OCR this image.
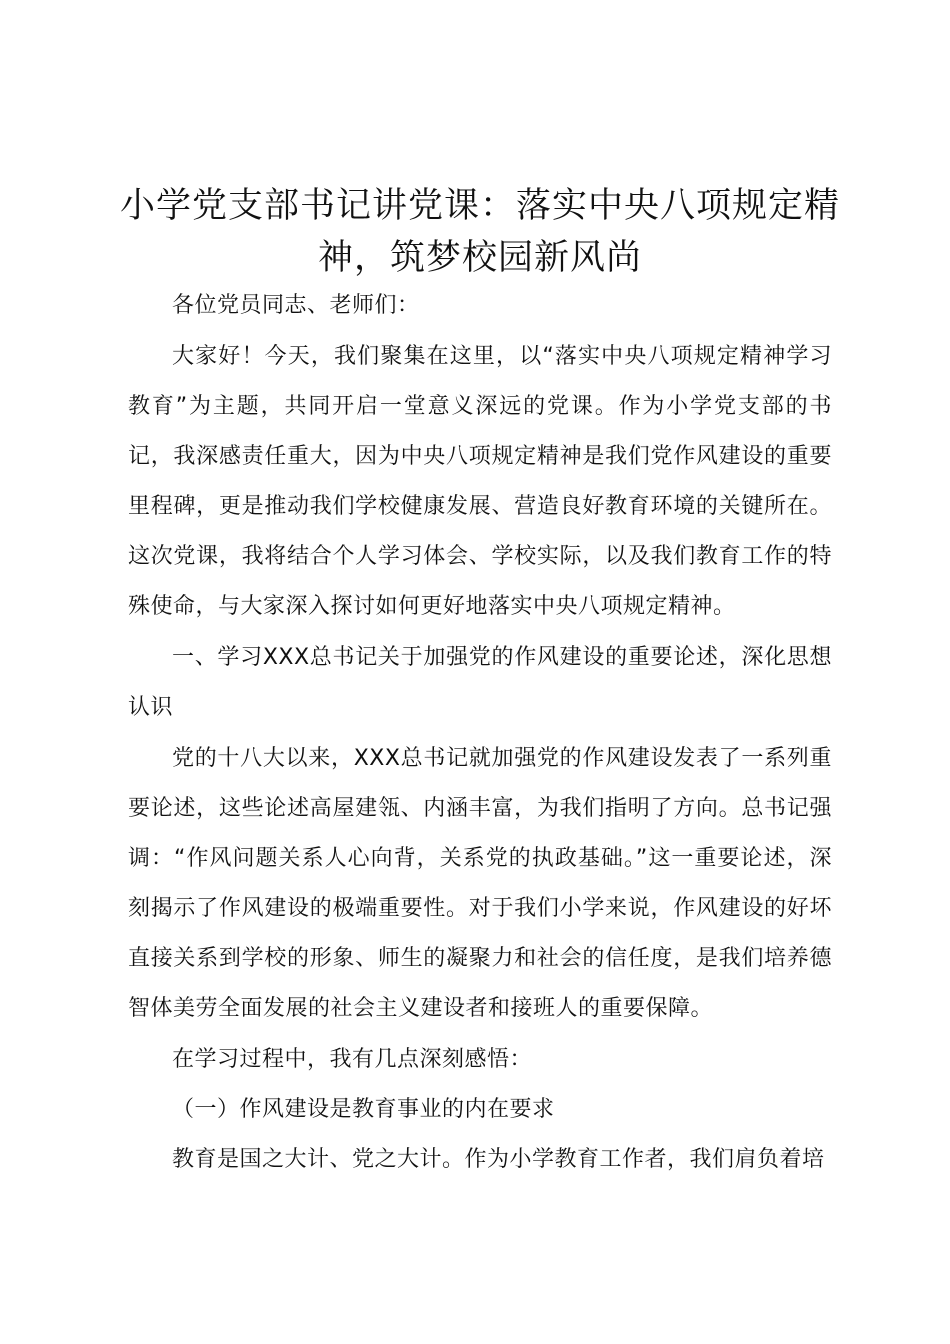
小学党支部书记讲党课：落实中央八项规定精
神，筑梦校园新风尚

各位党员同志、老师们：

大家好！今天，我们聚集在这里，以“落实中央八项规定精神学习教育”为主题，共同开启一堂意义深远的党课。作为小学党支部的书记，我深感责任重大，因为中央八项规定精神是我们党作风建设的重要里程碑，更是推动我们学校健康发展、营造良好教育环境的关键所在。这次党课，我将结合个人学习体会、学校实际，以及我们教育工作的特殊使命，与大家深入探讨如何更好地落实中央八项规定精神。

一、学习XXX总书记关于加强党的作风建设的重要论述，深化思想认识

党的十八大以来，XXX总书记就加强党的作风建设发表了一系列重要论述，这些论述高屋建瓴、内涵丰富，为我们指明了方向。总书记强调：“作风问题关系人心向背，关系党的执政基础。”这一重要论述，深刻揭示了作风建设的极端重要性。对于我们小学来说，作风建设的好坏直接关系到学校的形象、师生的凝聚力和社会的信任度，是我们培养德智体美劳全面发展的社会主义建设者和接班人的重要保障。

在学习过程中，我有几点深刻感悟：

（一）作风建设是教育事业的内在要求

教育是国之大计、党之大计。作为小学教育工作者，我们肩负着培
